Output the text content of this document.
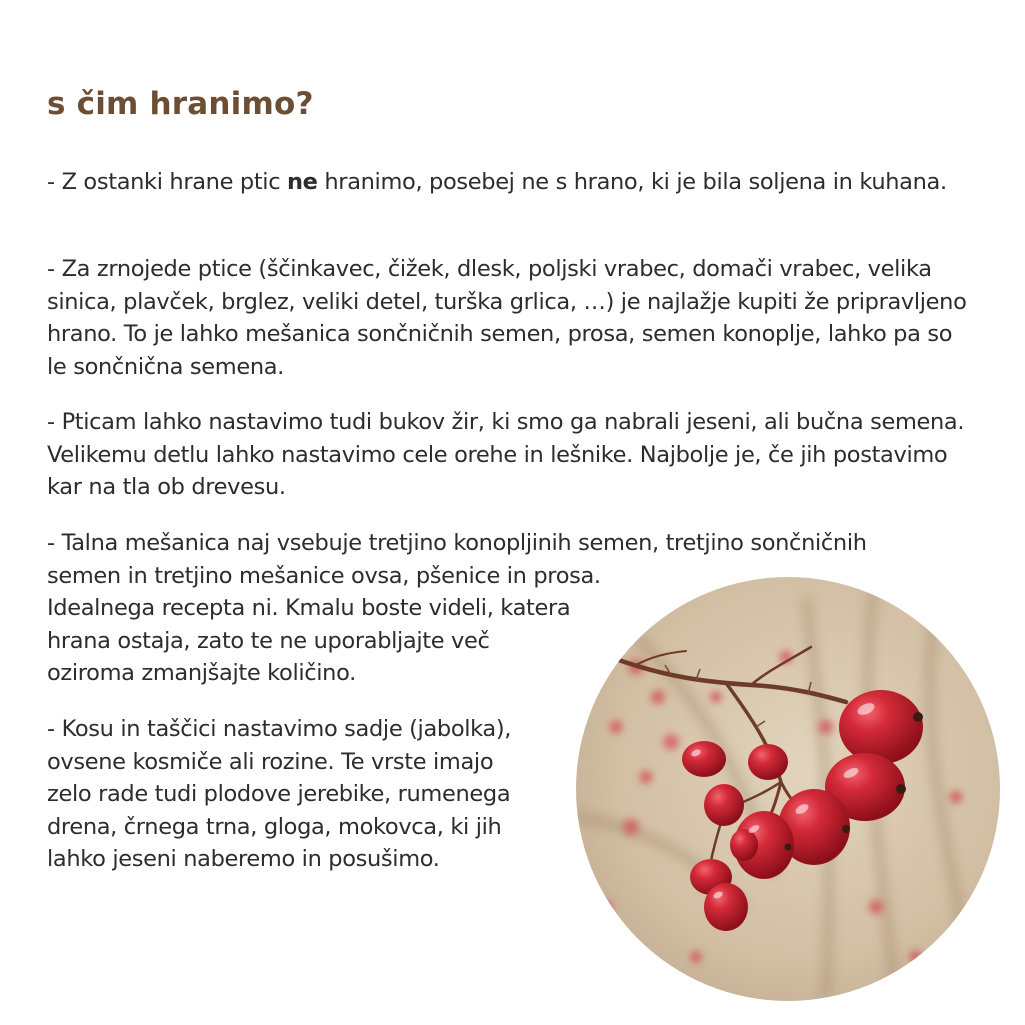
s čim hranimo?

- Z ostanki hrane ptic ne hranimo, posebej ne s hrano, ki je bila soljena in kuhana.

- Za zrnojede ptice (ščinkavec, čižek, dlesk, poljski vrabec, domači vrabec, velika sinica, plavček, brglez, veliki detel, turška grlica, …) je najlažje kupiti že pripravljeno hrano. To je lahko mešanica sončničnih semen, prosa, semen konoplje, lahko pa so le sončnična semena.

- Pticam lahko nastavimo tudi bukov žir, ki smo ga nabrali jeseni, ali bučna semena. Velikemu detlu lahko nastavimo cele orehe in lešnike. Najbolje je, če jih postavimo kar na tla ob drevesu.

- Talna mešanica naj vsebuje tretjino konopljinih semen, tretjino sončničnih
semen in tretjino mešanice ovsa, pšenice in prosa.
Idealnega recepta ni. Kmalu boste videli, katera
hrana ostaja, zato te ne uporabljajte več
oziroma zmanjšajte količino.

- Kosu in taščici nastavimo sadje (jabolka),
ovsene kosmiče ali rozine. Te vrste imajo
zelo rade tudi plodove jerebike, rumenega
drena, črnega trna, gloga, mokovca, ki jih
lahko jeseni naberemo in posušimo.
